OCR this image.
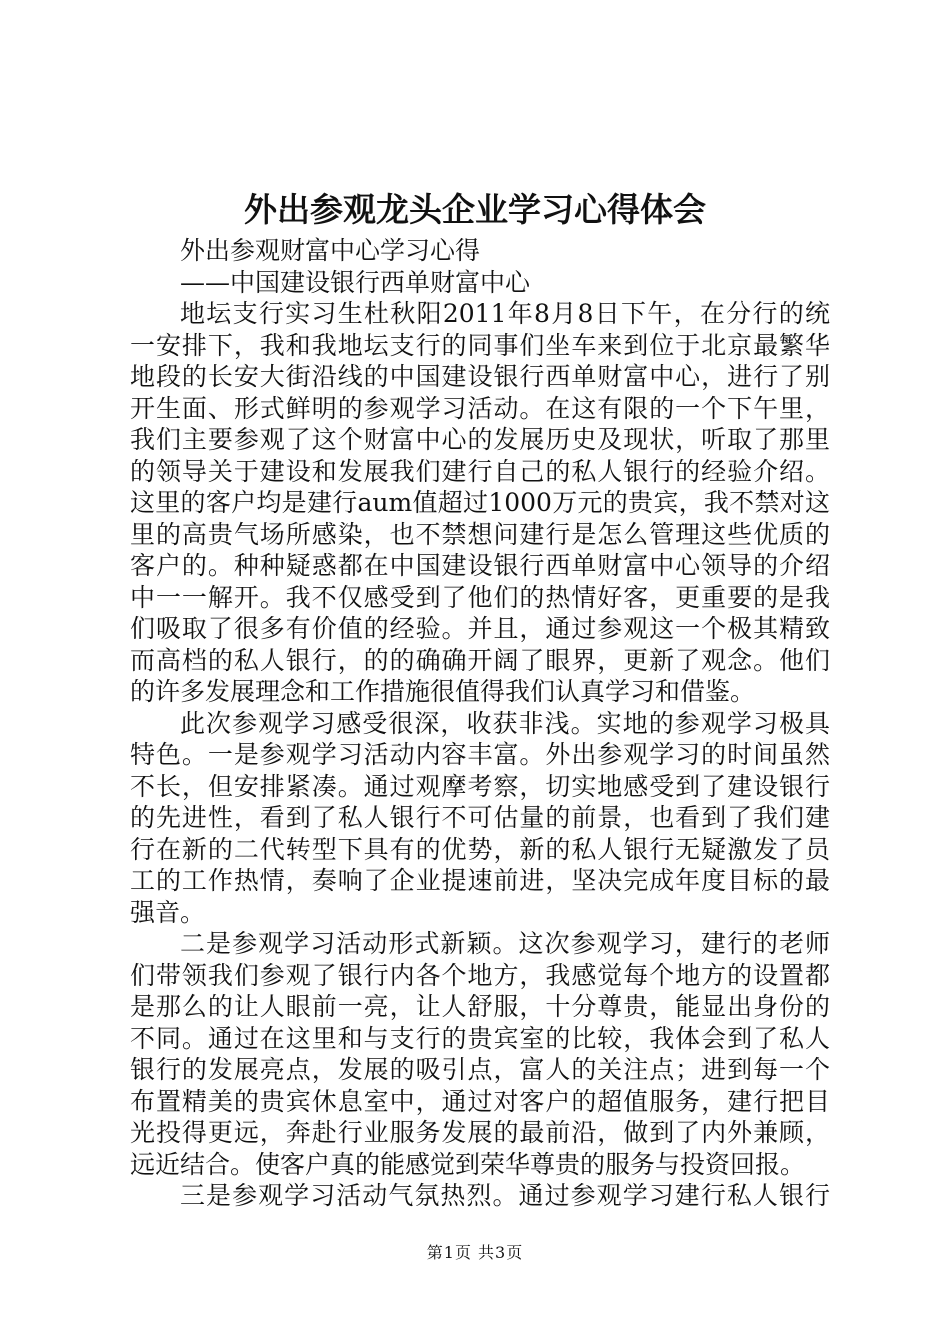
外出参观龙头企业学习心得体会
外出参观财富中心学习心得
——中国建设银行西单财富中心
地坛支行实习生杜秋阳2011年8月8日下午，在分行的统
一安排下，我和我地坛支行的同事们坐车来到位于北京最繁华
地段的长安大街沿线的中国建设银行西单财富中心，进行了别
开生面、形式鲜明的参观学习活动。在这有限的一个下午里，
我们主要参观了这个财富中心的发展历史及现状，听取了那里
的领导关于建设和发展我们建行自己的私人银行的经验介绍。
这里的客户均是建行aum值超过1000万元的贵宾，我不禁对这
里的高贵气场所感染，也不禁想问建行是怎么管理这些优质的
客户的。种种疑惑都在中国建设银行西单财富中心领导的介绍
中一一解开。我不仅感受到了他们的热情好客，更重要的是我
们吸取了很多有价值的经验。并且，通过参观这一个极其精致
而高档的私人银行，的的确确开阔了眼界，更新了观念。他们
的许多发展理念和工作措施很值得我们认真学习和借鉴。
此次参观学习感受很深，收获非浅。实地的参观学习极具
特色。一是参观学习活动内容丰富。外出参观学习的时间虽然
不长，但安排紧凑。通过观摩考察，切实地感受到了建设银行
的先进性，看到了私人银行不可估量的前景，也看到了我们建
行在新的二代转型下具有的优势，新的私人银行无疑激发了员
工的工作热情，奏响了企业提速前进，坚决完成年度目标的最
强音。
二是参观学习活动形式新颖。这次参观学习，建行的老师
们带领我们参观了银行内各个地方，我感觉每个地方的设置都
是那么的让人眼前一亮，让人舒服，十分尊贵，能显出身份的
不同。通过在这里和与支行的贵宾室的比较，我体会到了私人
银行的发展亮点，发展的吸引点，富人的关注点；进到每一个
布置精美的贵宾休息室中，通过对客户的超值服务，建行把目
光投得更远，奔赴行业服务发展的最前沿，做到了内外兼顾，
远近结合。使客户真的能感觉到荣华尊贵的服务与投资回报。
三是参观学习活动气氛热烈。通过参观学习建行私人银行
第1页 共3页
